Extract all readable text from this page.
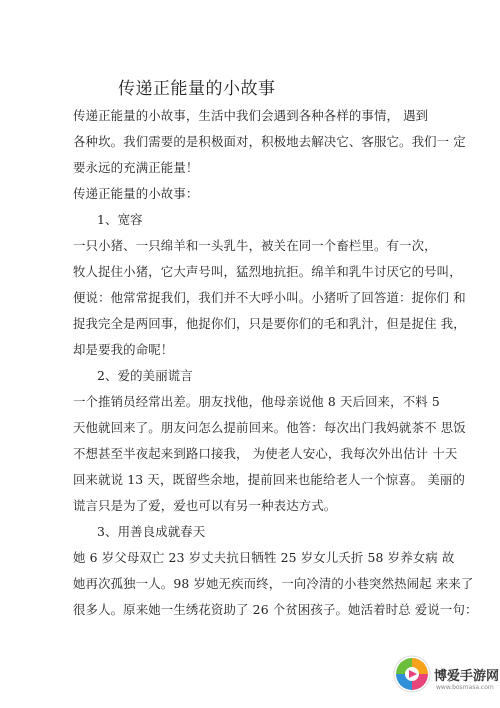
传递正能量的小故事
传递正能量的小故事，生活中我们会遇到各种各样的事情， 遇到
各种坎。我们需要的是积极面对，积极地去解决它、客服它。我们一 定
要永远的充满正能量！
传递正能量的小故事：
1、宽容
一只小猪、一只绵羊和一头乳牛，被关在同一个畜栏里。有一次，
牧人捉住小猪，它大声号叫，猛烈地抗拒。绵羊和乳牛讨厌它的号叫，
便说：他常常捉我们，我们并不大呼小叫。小猪听了回答道：捉你们 和
捉我完全是两回事，他捉你们，只是要你们的毛和乳汁，但是捉住 我，
却是要我的命呢！
2、爱的美丽谎言
一个推销员经常出差。朋友找他，他母亲说他 8 天后回来，不料 5
天他就回来了。朋友问怎么提前回来。他答：每次出门我妈就茶不 思饭
不想甚至半夜起来到路口接我， 为使老人安心，我每次外出估计 十天
回来就说 13 天，既留些余地，提前回来也能给老人一个惊喜。 美丽的
谎言只是为了爱，爱也可以有另一种表达方式。
3、用善良成就春天
她 6 岁父母双亡 23 岁丈夫抗日牺牲 25 岁女儿夭折 58 岁养女病 故
她再次孤独一人。98 岁她无疾而终，一向冷清的小巷突然热闹起 来来了
很多人。原来她一生绣花资助了 26 个贫困孩子。她活着时总 爱说一句：
博爱手游网
www.bosmasa.com
